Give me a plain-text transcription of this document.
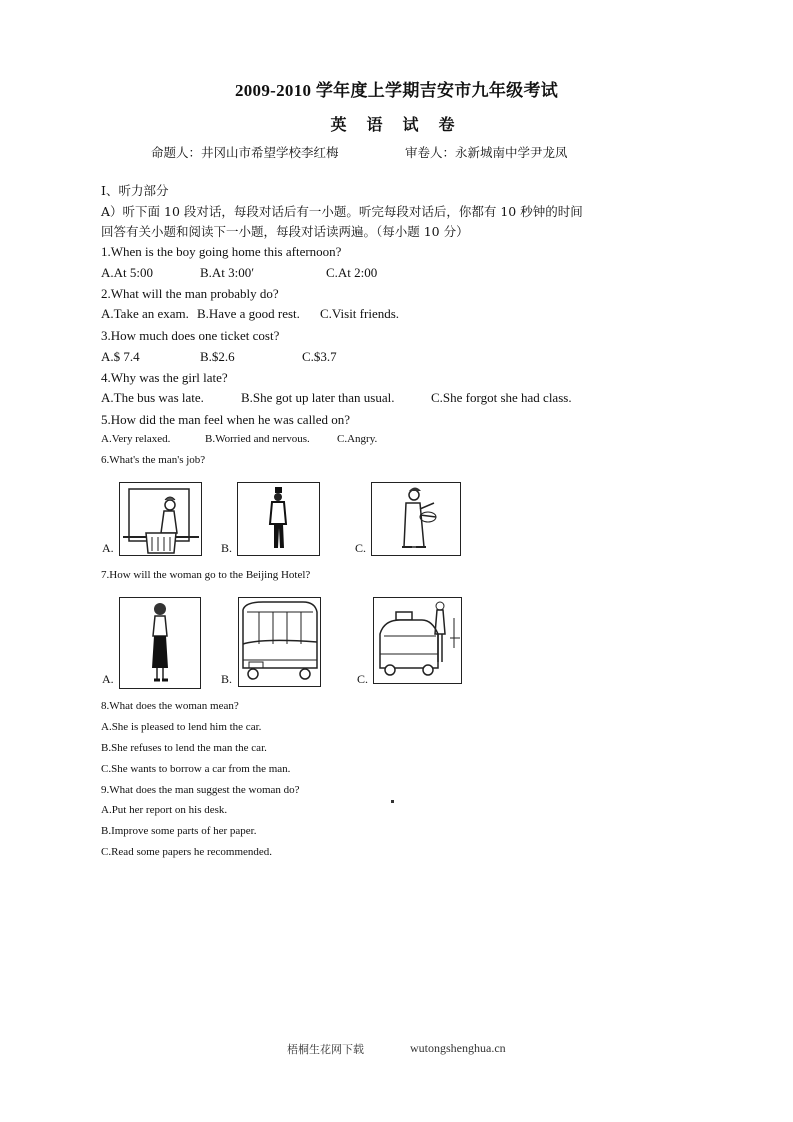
2009-2010 学年度上学期吉安市九年级考试
英 语 试 卷
命题人：井冈山市希望学校李红梅	审卷人：永新城南中学尹龙凤
I、听力部分
A）听下面 10 段对话，每段对话后有一小题。听完每段对话后，你都有 10 秒钟的时间
回答有关小题和阅读下一小题，每段对话读两遍。（每小题 10 分）
1.When is the boy going home this afternoon?
A.At 5:00	B.At 3:00′	C.At 2:00
2.What will the man probably do?
A.Take an exam. B.Have a good rest. C.Visit friends.
3.How much does one ticket cost?
A.$ 7.4	B.$2.6	C.$3.7
4.Why was the girl late?
A.The bus was late.	B.She got up later than usual.	C.She forgot she had class.
5.How did the man feel when he was called on?
A.Very relaxed.	B.Worried and nervous. C.Angry.
6.What's the man's job?
A.	B.	C.
7.How will the woman go to the Beijing Hotel?
A.	B.	C.
8.What does the woman mean?
A.She is pleased to lend him the car.
B.She refuses to lend the man the car.
C.She wants to borrow a car from the man.
9.What does the man suggest the woman do?
A.Put her report on his desk.
B.Improve some parts of her paper.
C.Read some papers he recommended.
梧桐生花网下载	wutongshenghua.cn
